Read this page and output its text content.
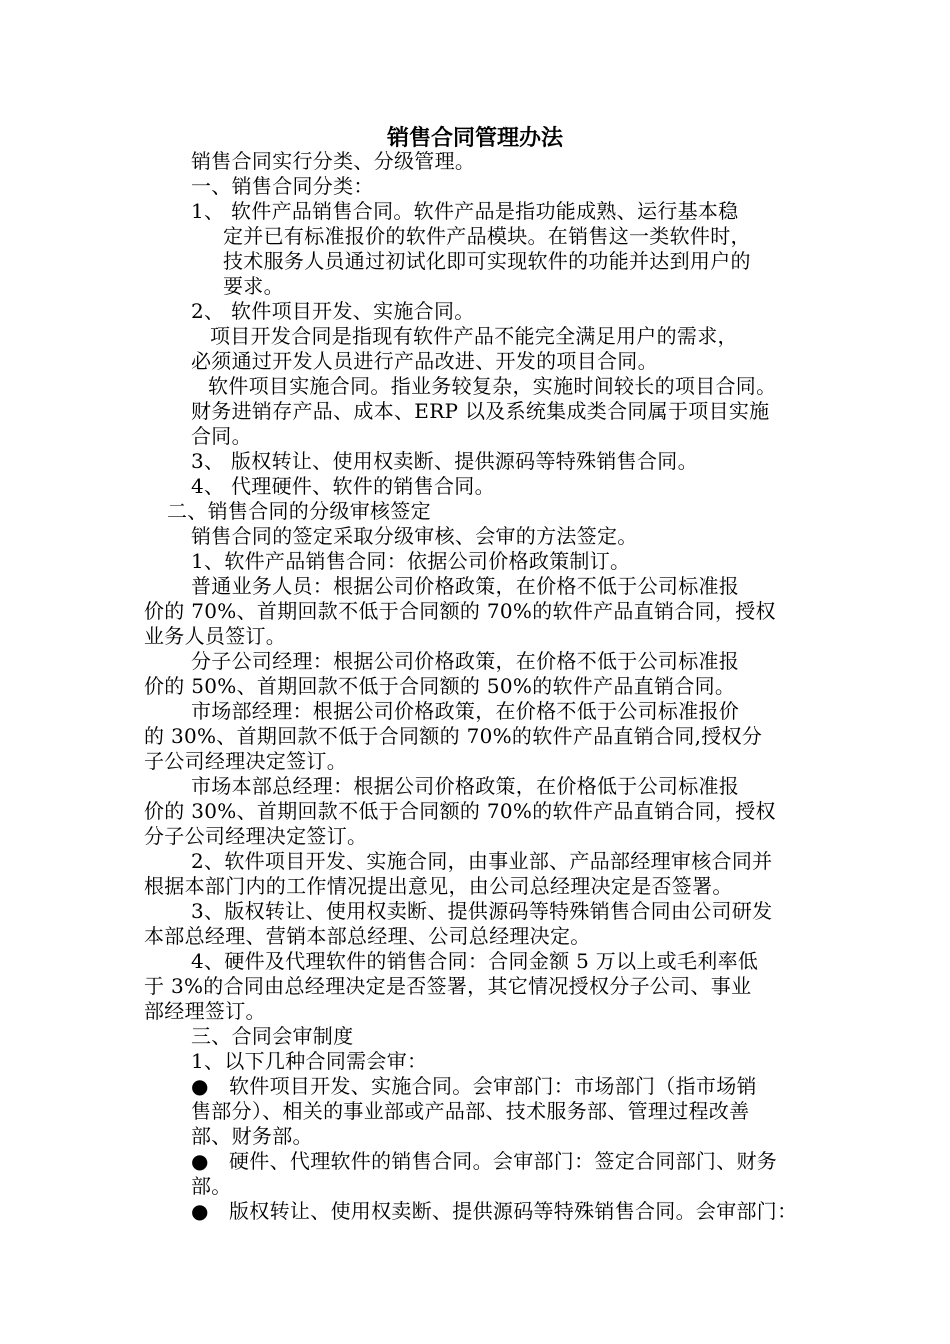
销售合同管理办法
销售合同实行分类、分级管理。
一、销售合同分类：
1、 软件产品销售合同。软件产品是指功能成熟、运行基本稳
定并已有标准报价的软件产品模块。在销售这一类软件时，
技术服务人员通过初试化即可实现软件的功能并达到用户的
要求。
2、 软件项目开发、实施合同。
项目开发合同是指现有软件产品不能完全满足用户的需求，
必须通过开发人员进行产品改进、开发的项目合同。
软件项目实施合同。指业务较复杂，实施时间较长的项目合同。
财务进销存产品、成本、ERP 以及系统集成类合同属于项目实施
合同。
3、 版权转让、使用权卖断、提供源码等特殊销售合同。
4、 代理硬件、软件的销售合同。
二、销售合同的分级审核签定
销售合同的签定采取分级审核、会审的方法签定。
1、软件产品销售合同：依据公司价格政策制订。
普通业务人员：根据公司价格政策，在价格不低于公司标准报
价的 70%、首期回款不低于合同额的 70%的软件产品直销合同，授权
业务人员签订。
分子公司经理：根据公司价格政策，在价格不低于公司标准报
价的 50%、首期回款不低于合同额的 50%的软件产品直销合同。
市场部经理：根据公司价格政策，在价格不低于公司标准报价
的 30%、首期回款不低于合同额的 70%的软件产品直销合同,授权分
子公司经理决定签订。
市场本部总经理：根据公司价格政策，在价格低于公司标准报
价的 30%、首期回款不低于合同额的 70%的软件产品直销合同，授权
分子公司经理决定签订。
2、软件项目开发、实施合同，由事业部、产品部经理审核合同并
根据本部门内的工作情况提出意见，由公司总经理决定是否签署。
3、版权转让、使用权卖断、提供源码等特殊销售合同由公司研发
本部总经理、营销本部总经理、公司总经理决定。
4、硬件及代理软件的销售合同：合同金额 5 万以上或毛利率低
于 3%的合同由总经理决定是否签署，其它情况授权分子公司、事业
部经理签订。
三、合同会审制度
1、以下几种合同需会审：
● 软件项目开发、实施合同。会审部门：市场部门（指市场销
售部分）、相关的事业部或产品部、技术服务部、管理过程改善
部、财务部。
● 硬件、代理软件的销售合同。会审部门：签定合同部门、财务
部。
● 版权转让、使用权卖断、提供源码等特殊销售合同。会审部门：
